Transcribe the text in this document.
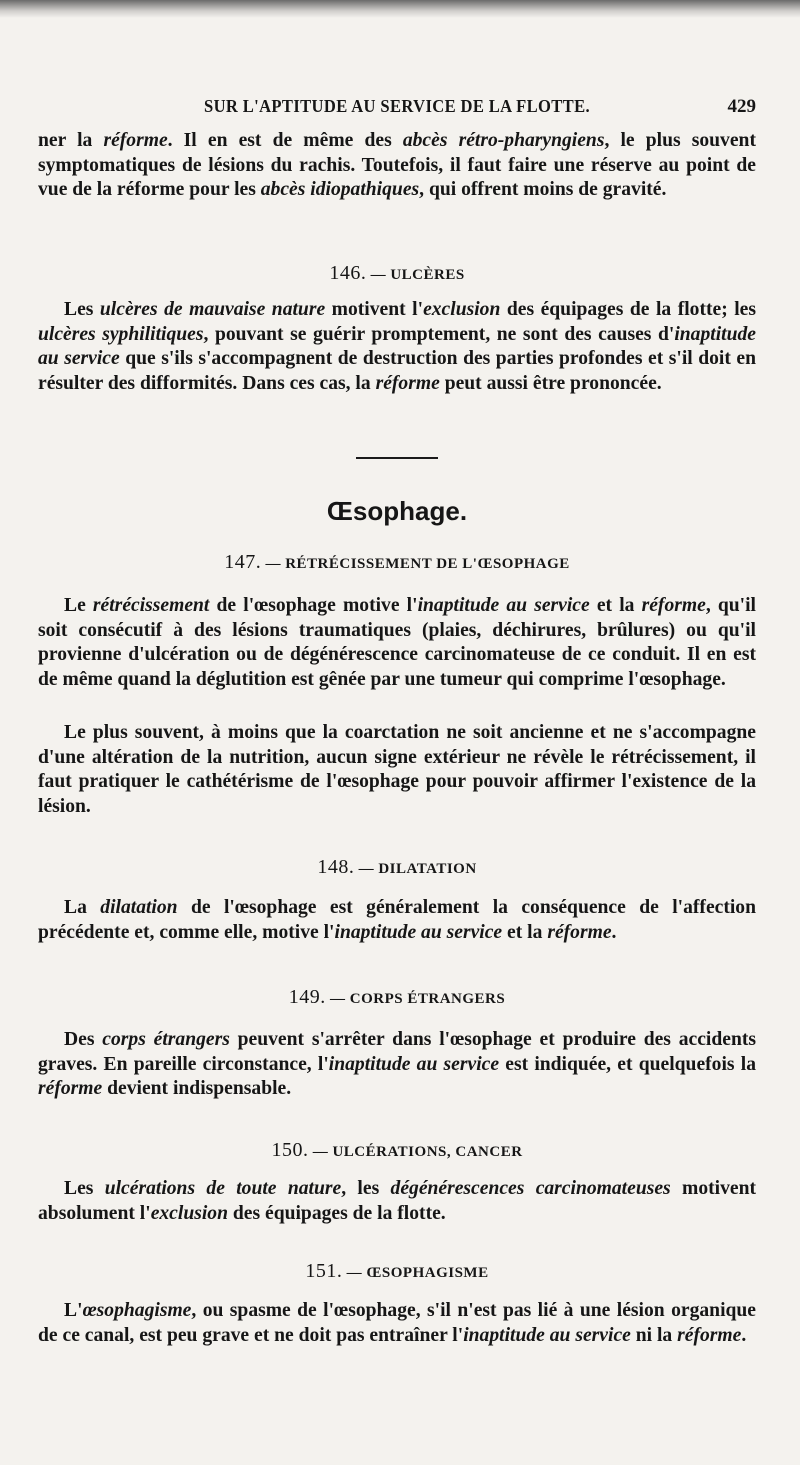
SUR L'APTITUDE AU SERVICE DE LA FLOTTE.	429

ner la réforme. Il en est de même des abcès rétro-pharyngiens, le plus souvent symptomatiques de lésions du rachis. Toutefois, il faut faire une réserve au point de vue de la réforme pour les abcès idiopathiques, qui offrent moins de gravité.

146. — ULCÈRES

Les ulcères de mauvaise nature motivent l'exclusion des équipages de la flotte; les ulcères syphilitiques, pouvant se guérir promptement, ne sont des causes d'inaptitude au service que s'ils s'accompagnent de destruction des parties profondes et s'il doit en résulter des difformités. Dans ces cas, la réforme peut aussi être prononcée.

Œsophage.
147. — RÉTRÉCISSEMENT DE L'ŒSOPHAGE

Le rétrécissement de l'œsophage motive l'inaptitude au service et la réforme, qu'il soit consécutif à des lésions traumatiques (plaies, déchirures, brûlures) ou qu'il provienne d'ulcération ou de dégénérescence carcinomateuse de ce conduit. Il en est de même quand la déglutition est gênée par une tumeur qui comprime l'œsophage.

Le plus souvent, à moins que la coarctation ne soit ancienne et ne s'accompagne d'une altération de la nutrition, aucun signe extérieur ne révèle le rétrécissement, il faut pratiquer le cathétérisme de l'œsophage pour pouvoir affirmer l'existence de la lésion.

148. — DILATATION

La dilatation de l'œsophage est généralement la conséquence de l'affection précédente et, comme elle, motive l'inaptitude au service et la réforme.

149. — CORPS ÉTRANGERS

Des corps étrangers peuvent s'arrêter dans l'œsophage et produire des accidents graves. En pareille circonstance, l'inaptitude au service est indiquée, et quelquefois la réforme devient indispensable.

150. — ULCÉRATIONS, CANCER

Les ulcérations de toute nature, les dégénérescences carcinomateuses motivent absolument l'exclusion des équipages de la flotte.

151. — ŒSOPHAGISME

L'œsophagisme, ou spasme de l'œsophage, s'il n'est pas lié à une lésion organique de ce canal, est peu grave et ne doit pas entraîner l'inaptitude au service ni la réforme.
